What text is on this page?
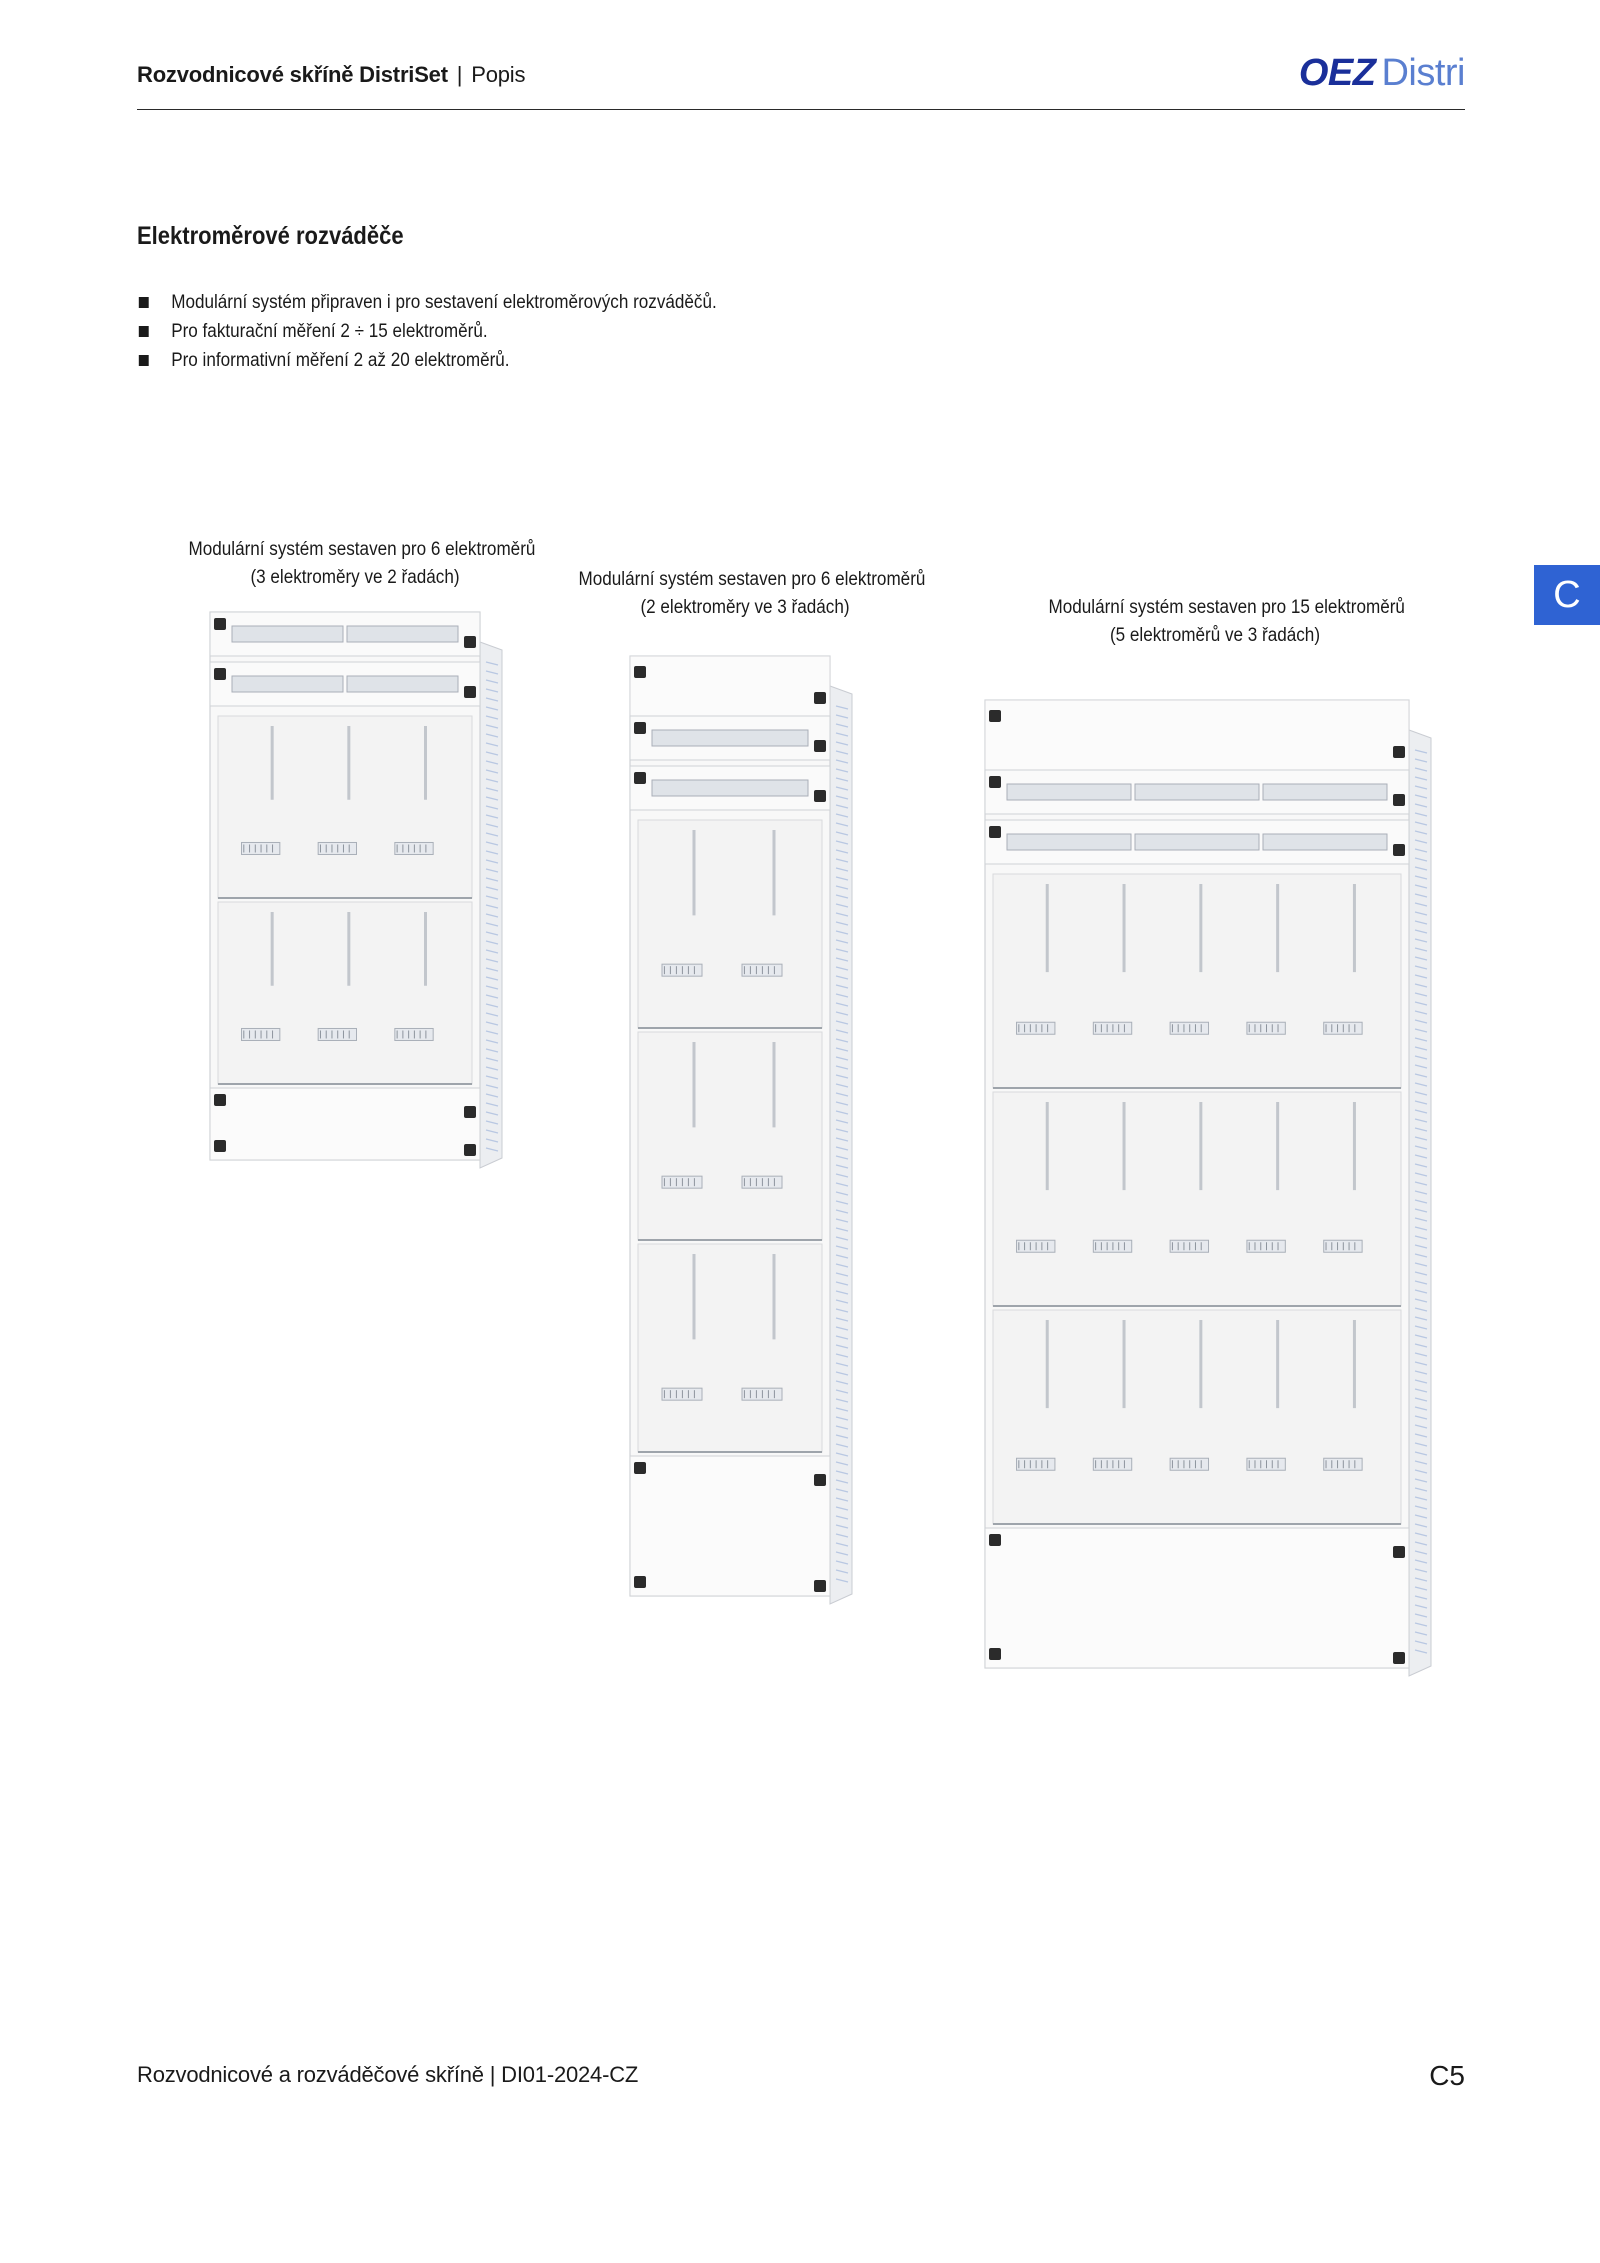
Rozvodnicové skříně DistriSet | Popis	OEZ Distri
Elektroměrové rozváděče
Modulární systém připraven i pro sestavení elektroměrových rozváděčů.
Pro fakturační měření 2 ÷ 15 elektroměrů.
Pro informativní měření 2 až 20 elektroměrů.
Modulární systém sestaven pro 6 elektroměrů
(3 elektroměry ve 2 řadách)	Modulární systém sestaven pro 6 elektroměrů
(2 elektroměry ve 3 řadách)	Modulární systém sestaven pro 15 elektroměrů
(5 elektroměrů ve 3 řadách)
C
Rozvodnicové a rozváděčové skříně | DI01-2024-CZ	C5
